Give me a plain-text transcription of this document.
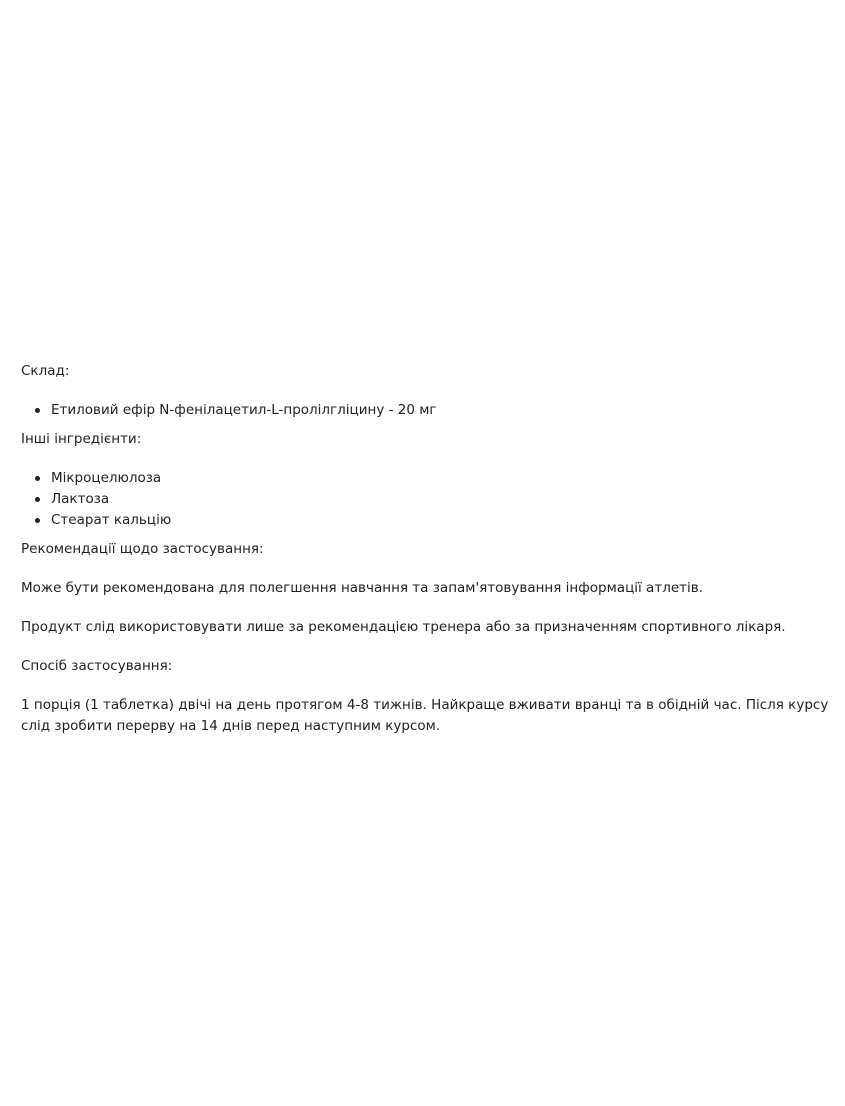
Склад:

Етиловий ефір N-фенілацетил-L-пролілгліцину - 20 мг

Інші інгредієнти:

Мікроцелюлоза
Лактоза
Стеарат кальцію

Рекомендації щодо застосування:

Може бути рекомендована для полегшення навчання та запам'ятовування інформації атлетів.

Продукт слід використовувати лише за рекомендацією тренера або за призначенням спортивного лікаря.

Спосіб застосування:

1 порція (1 таблетка) двічі на день протягом 4-8 тижнів. Найкраще вживати вранці та в обідній час. Після курсу слід зробити перерву на 14 днів перед наступним курсом.
